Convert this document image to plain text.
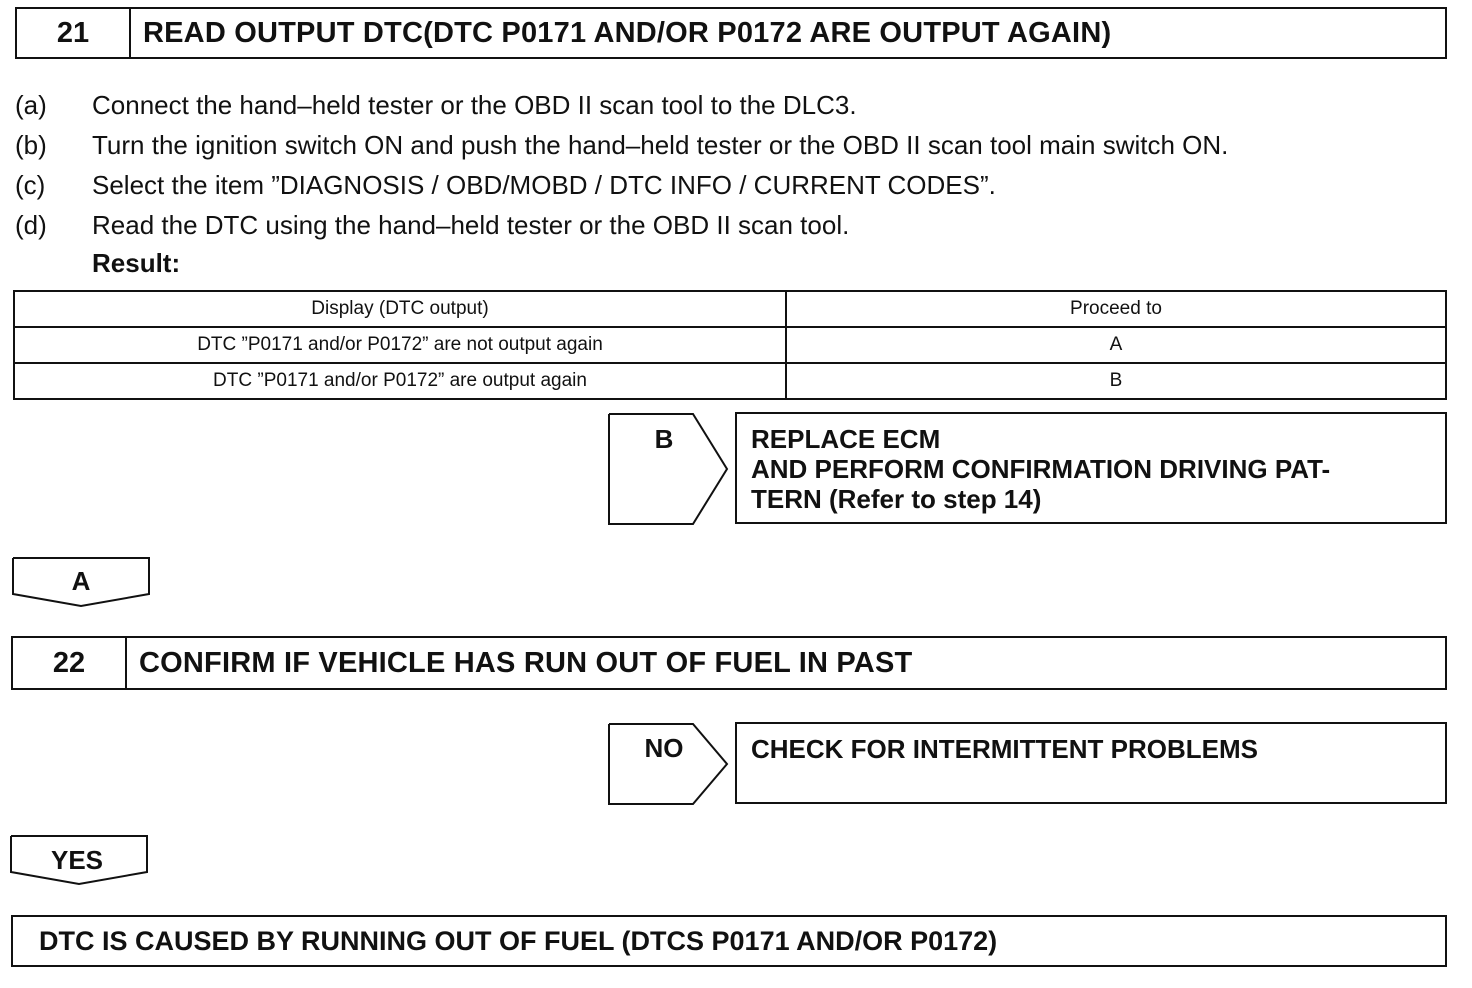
21	READ OUTPUT DTC(DTC P0171 AND/OR P0172 ARE OUTPUT AGAIN)
(a)	Connect the hand–held tester or the OBD II scan tool to the DLC3.
(b)	Turn the ignition switch ON and push the hand–held tester or the OBD II scan tool main switch ON.
(c)	Select the item ”DIAGNOSIS / OBD/MOBD / DTC INFO / CURRENT CODES”.
(d)	Read the DTC using the hand–held tester or the OBD II scan tool.
Result:
Display (DTC output)	Proceed to
DTC ”P0171 and/or P0172” are not output again	A
DTC ”P0171 and/or P0172” are output again	B
B	REPLACE ECM
AND PERFORM CONFIRMATION DRIVING PAT-
TERN (Refer to step 14)
A
22	CONFIRM IF VEHICLE HAS RUN OUT OF FUEL IN PAST
NO	CHECK FOR INTERMITTENT PROBLEMS
YES
DTC IS CAUSED BY RUNNING OUT OF FUEL (DTCS P0171 AND/OR P0172)
